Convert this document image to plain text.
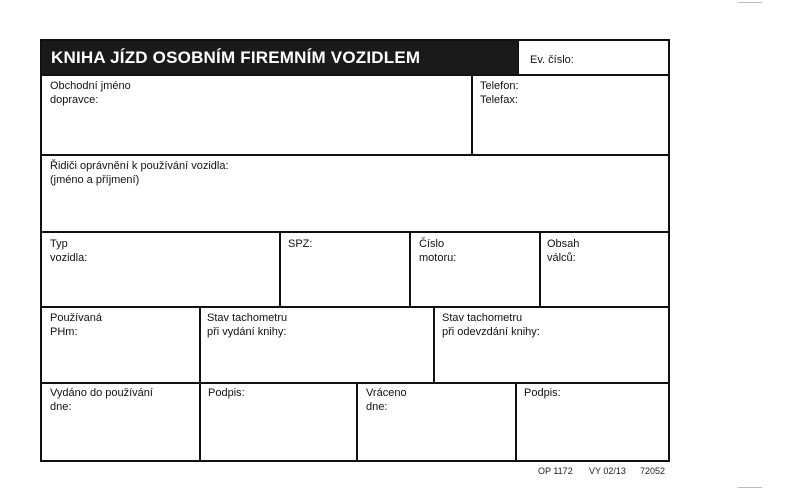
KNIHA JÍZD OSOBNÍM FIREMNÍM VOZIDLEM	Ev. číslo:
Obchodní jméno
dopravce:
Telefon:
Telefax:
Řidiči oprávnění k používání vozidla:
(jméno a příjmení)
Typ
vozidla:
SPZ:	Číslo
motoru:
Obsah
válců:
Používaná
PHm:
Stav tachometru
při vydání knihy:
Stav tachometru
při odevzdání knihy:
Vydáno do používání
dne:
Podpis:	Vráceno
dne:
Podpis:
OP 1172 VY 02/13 72052
